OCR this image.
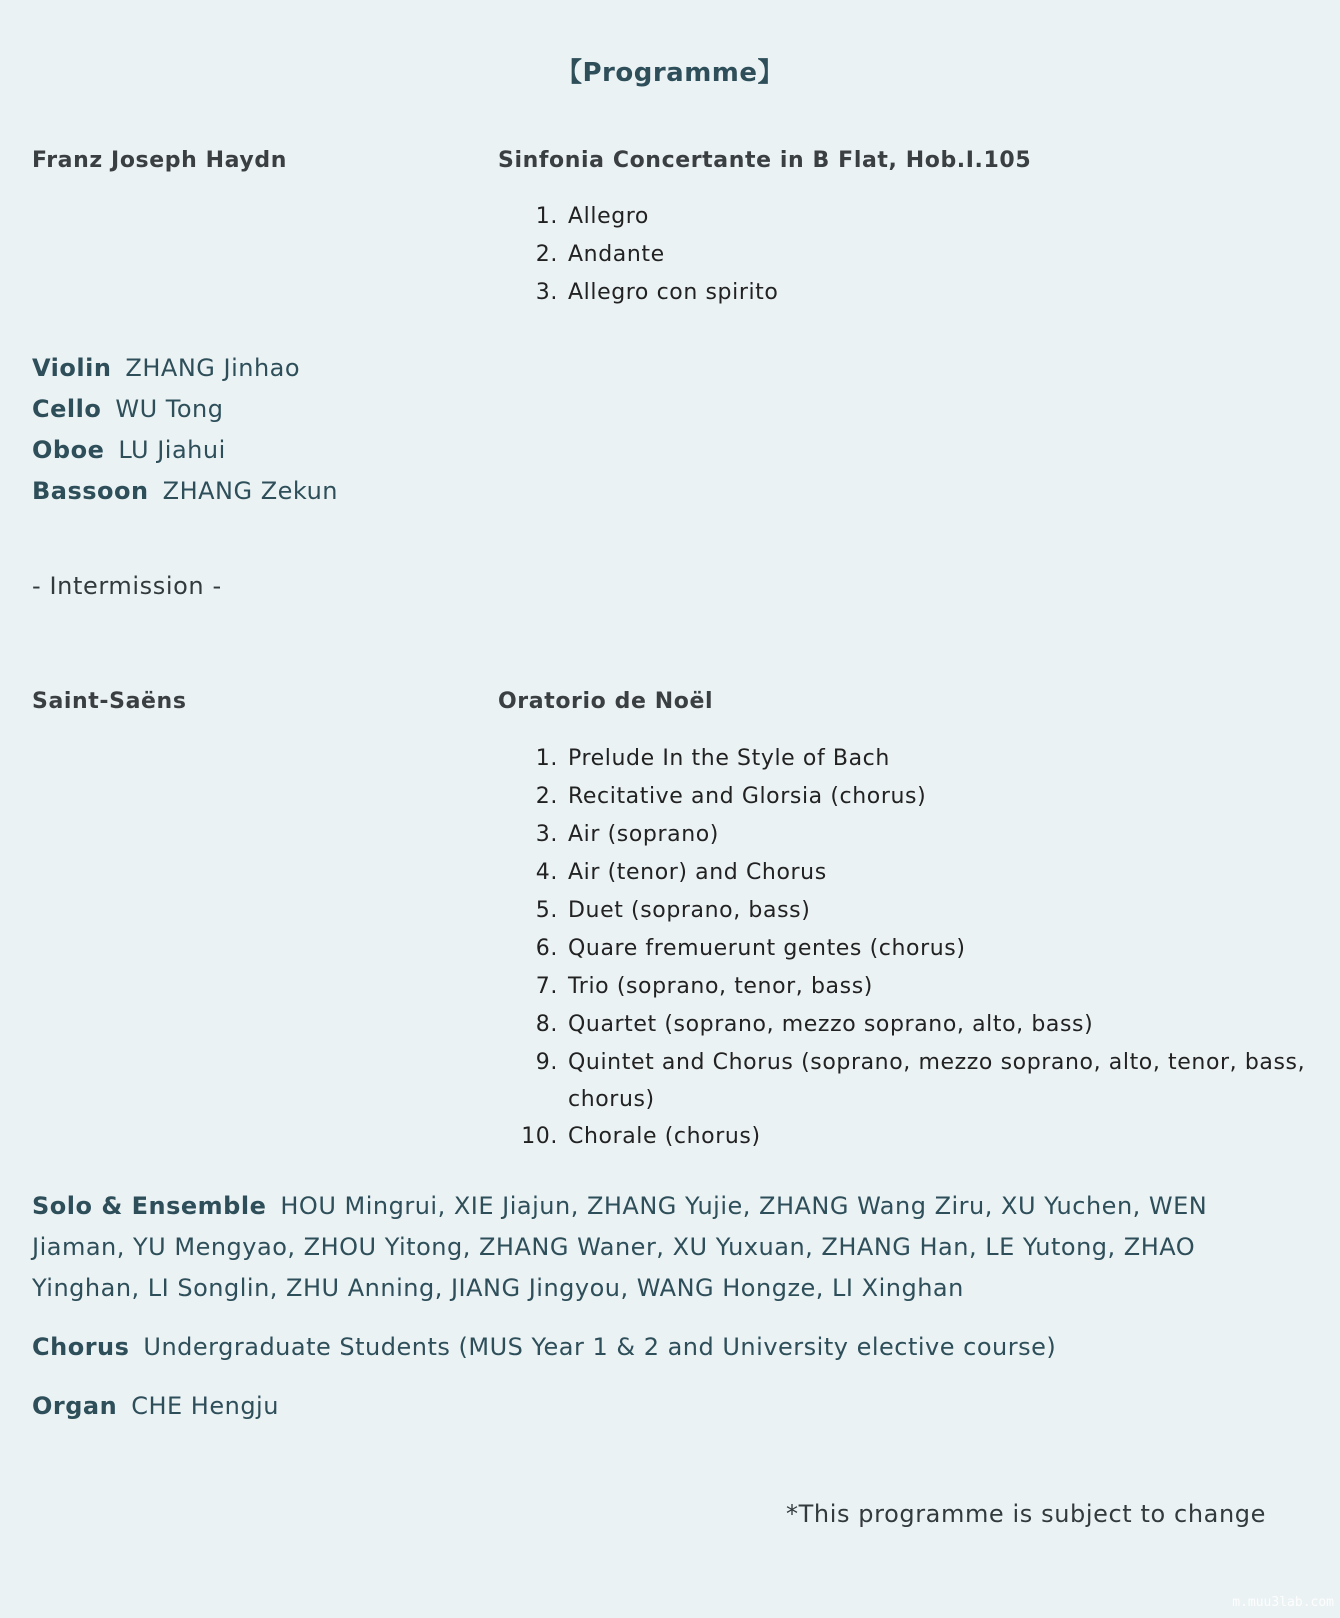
【Programme】

Franz Joseph Haydn	Sinfonia Concertante in B Flat, Hob.I.105

1. Allegro
2. Andante
3. Allegro con spirito
Violin ZHANG Jinhao
Cello WU Tong
Oboe LU Jiahui
Bassoon ZHANG Zekun

- Intermission -

Saint-Saëns	Oratorio de Noël

1. Prelude In the Style of Bach
2. Recitative and Glorsia (chorus)
3. Air (soprano)
4. Air (tenor) and Chorus
5. Duet (soprano, bass)
6. Quare fremuerunt gentes (chorus)
7. Trio (soprano, tenor, bass)
8. Quartet (soprano, mezzo soprano, alto, bass)
9. Quintet and Chorus (soprano, mezzo soprano, alto, tenor, bass, chorus)
10. Chorale (chorus)

Solo & Ensemble HOU Mingrui, XIE Jiajun, ZHANG Yujie, ZHANG Wang Ziru, XU Yuchen, WEN Jiaman, YU Mengyao, ZHOU Yitong, ZHANG Waner, XU Yuxuan, ZHANG Han, LE Yutong, ZHAO Yinghan, LI Songlin, ZHU Anning, JIANG Jingyou, WANG Hongze, LI Xinghan

Chorus Undergraduate Students (MUS Year 1 & 2 and University elective course)

Organ CHE Hengju

*This programme is subject to change

m.muu3lab.com
